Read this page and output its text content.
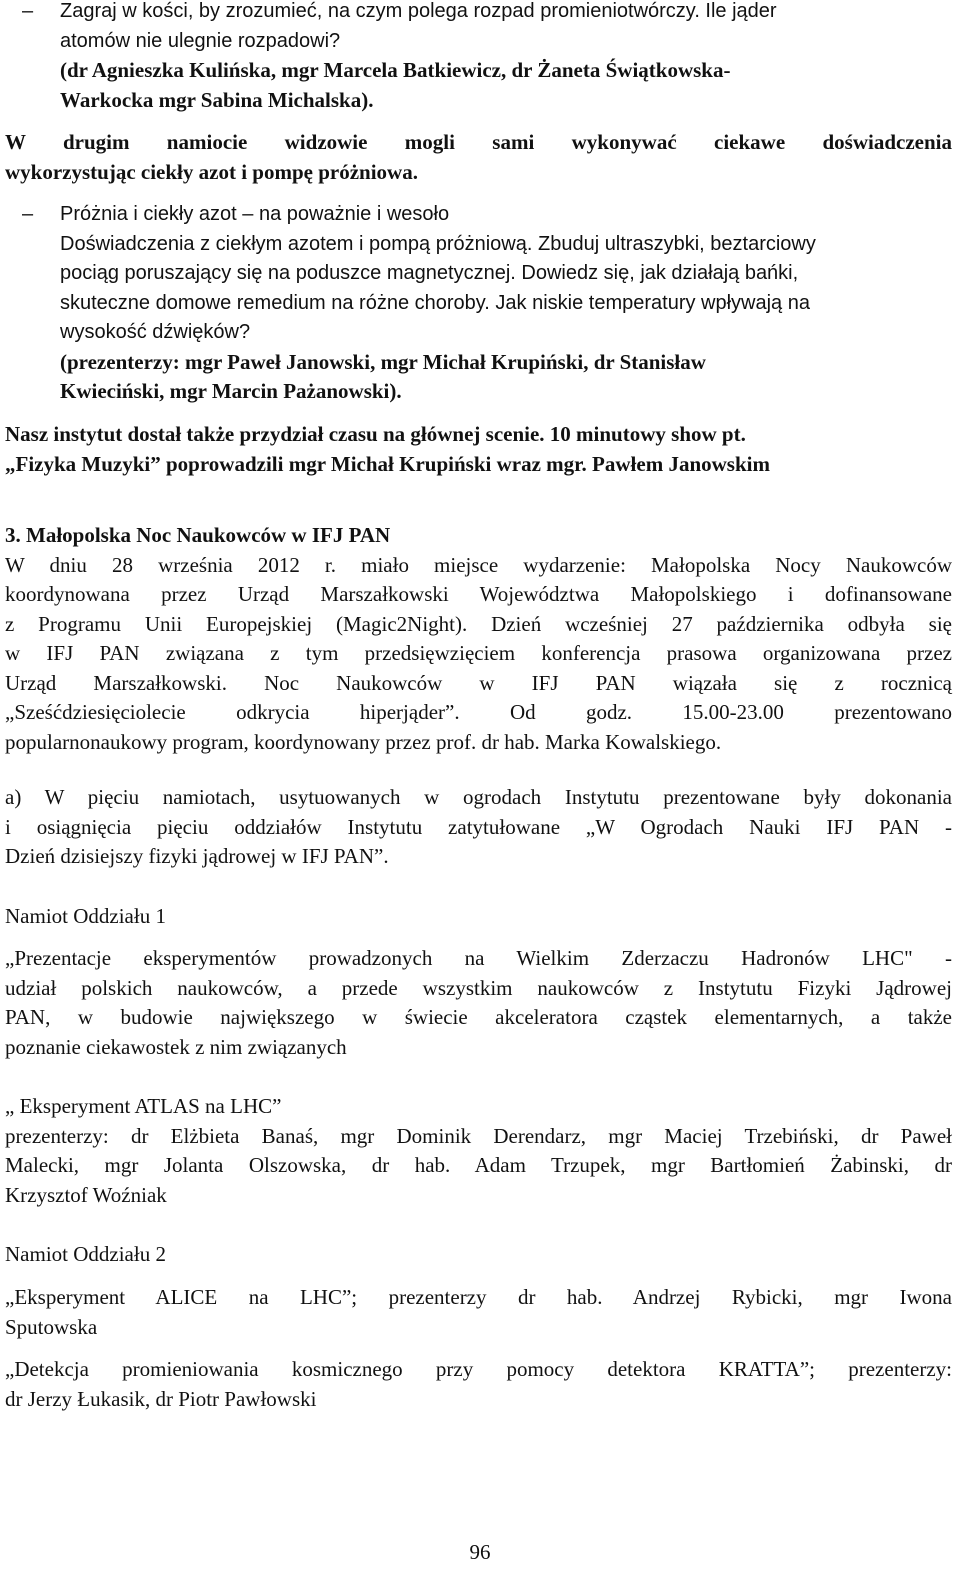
– Zagraj w kości, by zrozumieć, na czym polega rozpad promieniotwórczy. Ile jąder
atomów nie ulegnie rozpadowi?
(dr Agnieszka Kulińska, mgr Marcela Batkiewicz, dr Żaneta Świątkowska-
Warkocka mgr Sabina Michalska).
W drugim namiocie widzowie mogli sami wykonywać ciekawe doświadczenia
wykorzystując ciekły azot i pompę próżniowa.
– Próżnia i ciekły azot – na poważnie i wesoło
Doświadczenia z ciekłym azotem i pompą próżniową. Zbuduj ultraszybki, beztarciowy
pociąg poruszający się na poduszce magnetycznej. Dowiedz się, jak działają bańki,
skuteczne domowe remedium na różne choroby. Jak niskie temperatury wpływają na
wysokość dźwięków?
(prezenterzy: mgr Paweł Janowski, mgr Michał Krupiński, dr Stanisław
Kwieciński, mgr Marcin Pażanowski).
Nasz instytut dostał także przydział czasu na głównej scenie. 10 minutowy show pt.
„Fizyka Muzyki” poprowadzili mgr Michał Krupiński wraz mgr. Pawłem Janowskim
3. Małopolska Noc Naukowców w IFJ PAN
W dniu 28 września 2012 r. miało miejsce wydarzenie: Małopolska Nocy Naukowców
koordynowana przez Urząd Marszałkowski Województwa Małopolskiego i dofinansowane
z Programu Unii Europejskiej (Magic2Night). Dzień wcześniej 27 października odbyła się
w IFJ PAN związana z tym przedsięwzięciem konferencja prasowa organizowana przez
Urząd Marszałkowski. Noc Naukowców w IFJ PAN wiązała się z rocznicą
„Sześćdziesięciolecie odkrycia hiperjąder”. Od godz. 15.00-23.00 prezentowano
popularnonaukowy program, koordynowany przez prof. dr hab. Marka Kowalskiego.
a) W pięciu namiotach, usytuowanych w ogrodach Instytutu prezentowane były dokonania
i osiągnięcia pięciu oddziałów Instytutu zatytułowane „W Ogrodach Nauki IFJ PAN -
Dzień dzisiejszy fizyki jądrowej w IFJ PAN”.
Namiot Oddziału 1
„Prezentacje eksperymentów prowadzonych na Wielkim Zderzaczu Hadronów LHC" -
udział polskich naukowców, a przede wszystkim naukowców z Instytutu Fizyki Jądrowej
PAN, w budowie największego w świecie akceleratora cząstek elementarnych, a także
poznanie ciekawostek z nim związanych
„ Eksperyment ATLAS na LHC”
prezenterzy: dr Elżbieta Banaś, mgr Dominik Derendarz, mgr Maciej Trzebiński, dr Paweł
Malecki, mgr Jolanta Olszowska, dr hab. Adam Trzupek, mgr Bartłomień Żabinski, dr
Krzysztof Woźniak
Namiot Oddziału 2
„Eksperyment ALICE na LHC”; prezenterzy dr hab. Andrzej Rybicki, mgr Iwona
Sputowska
„Detekcja promieniowania kosmicznego przy pomocy detektora KRATTA”; prezenterzy:
dr Jerzy Łukasik, dr Piotr Pawłowski
96
